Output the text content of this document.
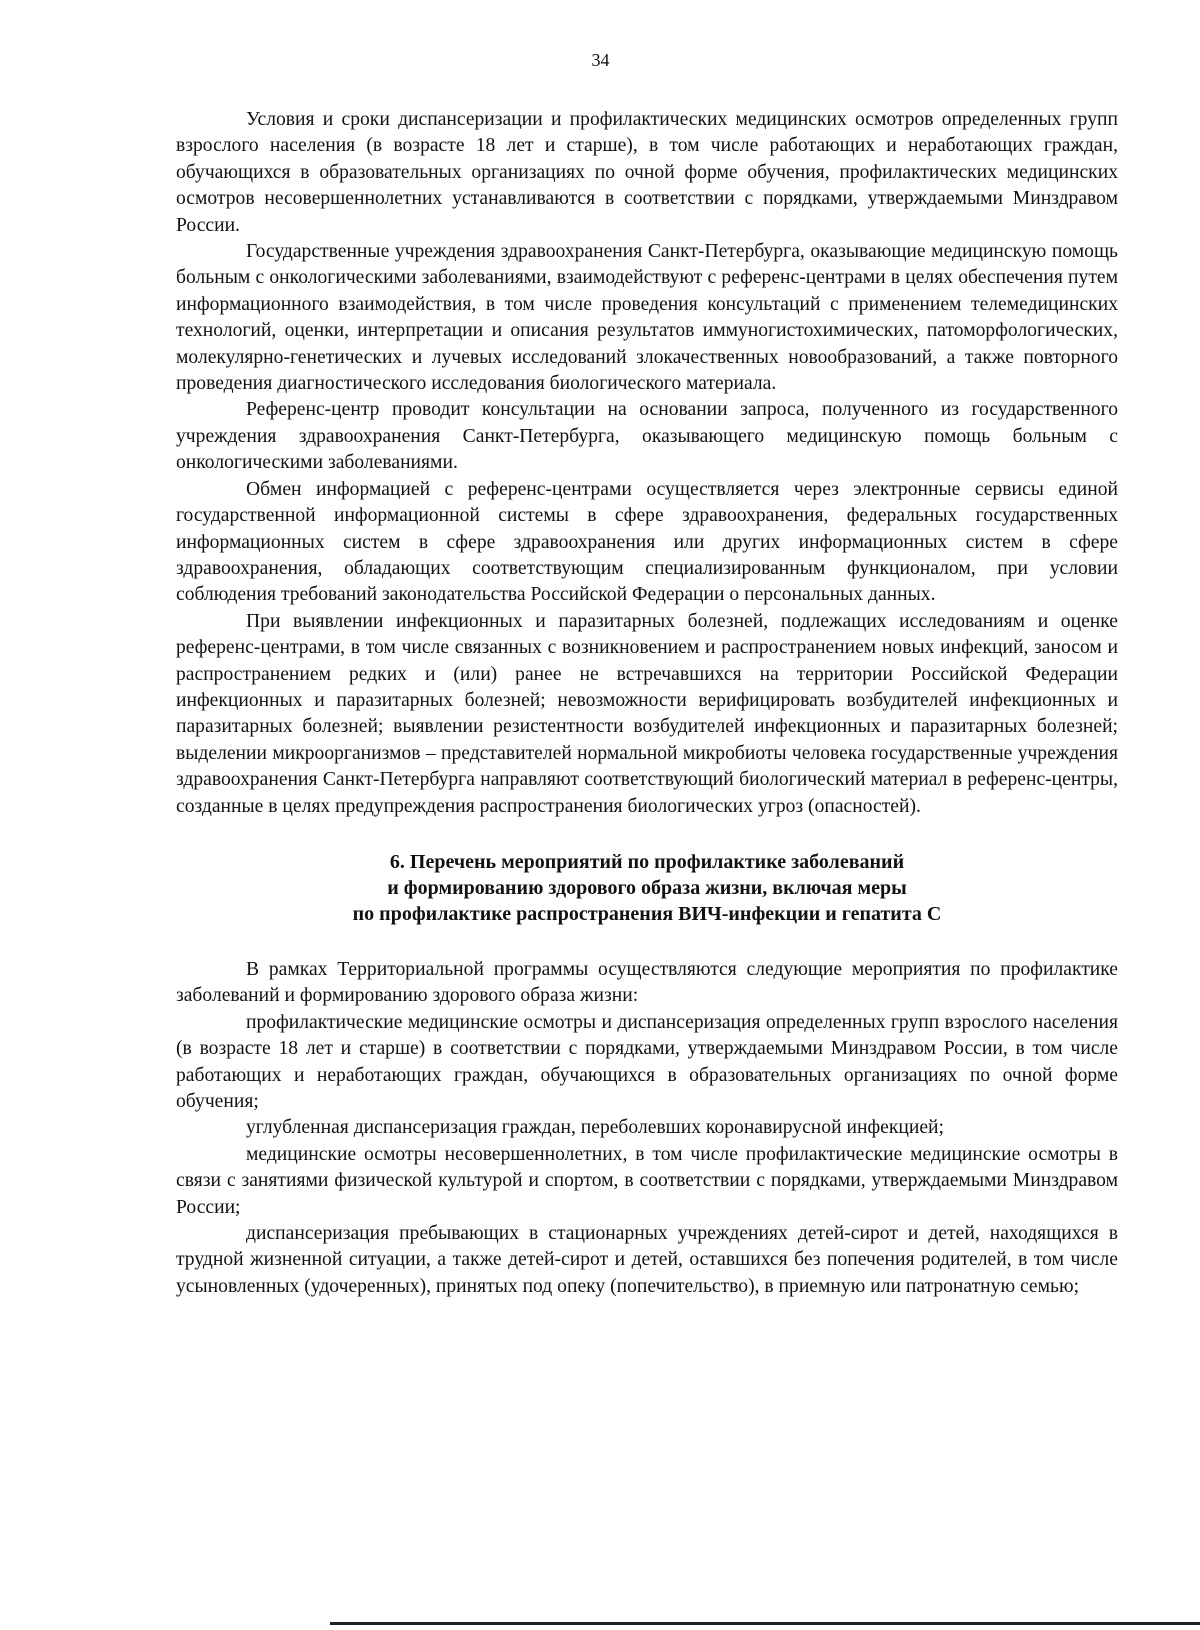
34

Условия и сроки диспансеризации и профилактических медицинских осмотров определенных групп взрослого населения (в возрасте 18 лет и старше), в том числе работающих и неработающих граждан, обучающихся в образовательных организациях по очной форме обучения, профилактических медицинских осмотров несовершеннолетних устанавливаются в соответствии с порядками, утверждаемыми Минздравом России.

Государственные учреждения здравоохранения Санкт-Петербурга, оказывающие медицинскую помощь больным с онкологическими заболеваниями, взаимодействуют с референс-центрами в целях обеспечения путем информационного взаимодействия, в том числе проведения консультаций с применением телемедицинских технологий, оценки, интерпретации и описания результатов иммуногистохимических, патоморфологических, молекулярно-генетических и лучевых исследований злокачественных новообразований, а также повторного проведения диагностического исследования биологического материала.

Референс-центр проводит консультации на основании запроса, полученного из государственного учреждения здравоохранения Санкт-Петербурга, оказывающего медицинскую помощь больным с онкологическими заболеваниями.

Обмен информацией с референс-центрами осуществляется через электронные сервисы единой государственной информационной системы в сфере здравоохранения, федеральных государственных информационных систем в сфере здравоохранения или других информационных систем в сфере здравоохранения, обладающих соответствующим специализированным функционалом, при условии соблюдения требований законодательства Российской Федерации о персональных данных.

При выявлении инфекционных и паразитарных болезней, подлежащих исследованиям и оценке референс-центрами, в том числе связанных с возникновением и распространением новых инфекций, заносом и распространением редких и (или) ранее не встречавшихся на территории Российской Федерации инфекционных и паразитарных болезней; невозможности верифицировать возбудителей инфекционных и паразитарных болезней; выявлении резистентности возбудителей инфекционных и паразитарных болезней; выделении микроорганизмов – представителей нормальной микробиоты человека государственные учреждения здравоохранения Санкт-Петербурга направляют соответствующий биологический материал в референс-центры, созданные в целях предупреждения распространения биологических угроз (опасностей).

6. Перечень мероприятий по профилактике заболеваний
и формированию здорового образа жизни, включая меры
по профилактике распространения ВИЧ-инфекции и гепатита С

В рамках Территориальной программы осуществляются следующие мероприятия по профилактике заболеваний и формированию здорового образа жизни:

профилактические медицинские осмотры и диспансеризация определенных групп взрослого населения (в возрасте 18 лет и старше) в соответствии с порядками, утверждаемыми Минздравом России, в том числе работающих и неработающих граждан, обучающихся в образовательных организациях по очной форме обучения;

углубленная диспансеризация граждан, переболевших коронавирусной инфекцией;

медицинские осмотры несовершеннолетних, в том числе профилактические медицинские осмотры в связи с занятиями физической культурой и спортом, в соответствии с порядками, утверждаемыми Минздравом России;

диспансеризация пребывающих в стационарных учреждениях детей-сирот и детей, находящихся в трудной жизненной ситуации, а также детей-сирот и детей, оставшихся без попечения родителей, в том числе усыновленных (удочеренных), принятых под опеку (попечительство), в приемную или патронатную семью;
